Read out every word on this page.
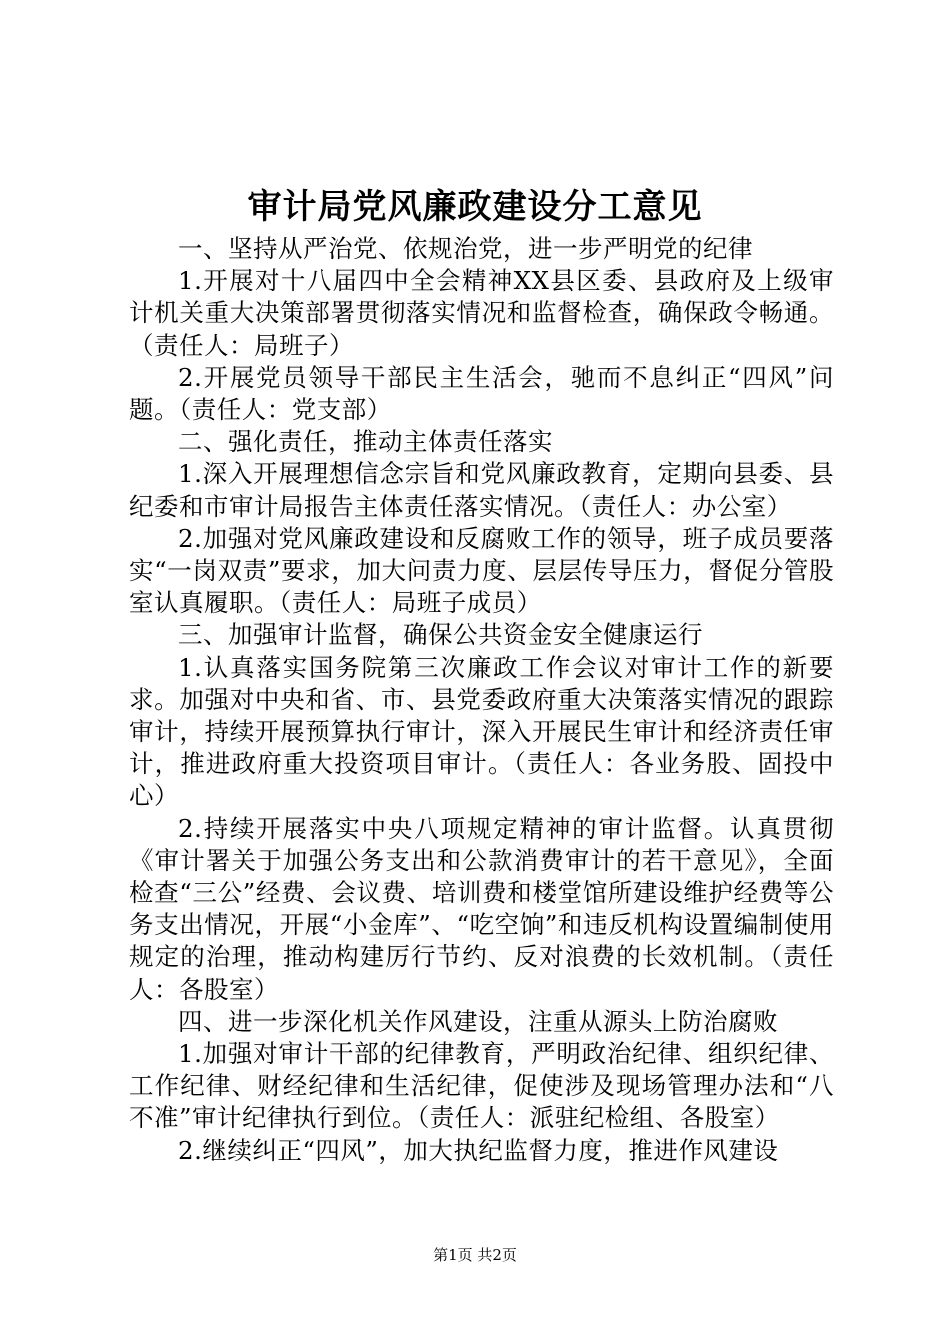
审计局党风廉政建设分工意见

一、坚持从严治党、依规治党，进一步严明党的纪律

1.开展对十八届四中全会精神XX县区委、县政府及上级审计机关重大决策部署贯彻落实情况和监督检查，确保政令畅通。（责任人：局班子）

2.开展党员领导干部民主生活会，驰而不息纠正“四风”问题。（责任人：党支部）

二、强化责任，推动主体责任落实

1.深入开展理想信念宗旨和党风廉政教育，定期向县委、县纪委和市审计局报告主体责任落实情况。（责任人：办公室）

2.加强对党风廉政建设和反腐败工作的领导，班子成员要落实“一岗双责”要求，加大问责力度、层层传导压力，督促分管股室认真履职。（责任人：局班子成员）

三、加强审计监督，确保公共资金安全健康运行

1.认真落实国务院第三次廉政工作会议对审计工作的新要求。加强对中央和省、市、县党委政府重大决策落实情况的跟踪审计，持续开展预算执行审计，深入开展民生审计和经济责任审计，推进政府重大投资项目审计。（责任人：各业务股、固投中心）

2.持续开展落实中央八项规定精神的审计监督。认真贯彻《审计署关于加强公务支出和公款消费审计的若干意见》，全面检查“三公”经费、会议费、培训费和楼堂馆所建设维护经费等公务支出情况，开展“小金库”、“吃空饷”和违反机构设置编制使用规定的治理，推动构建厉行节约、反对浪费的长效机制。（责任人：各股室）

四、进一步深化机关作风建设，注重从源头上防治腐败

1.加强对审计干部的纪律教育，严明政治纪律、组织纪律、工作纪律、财经纪律和生活纪律，促使涉及现场管理办法和“八不准”审计纪律执行到位。（责任人：派驻纪检组、各股室）

2.继续纠正“四风”，加大执纪监督力度，推进作风建设

第1页 共2页
